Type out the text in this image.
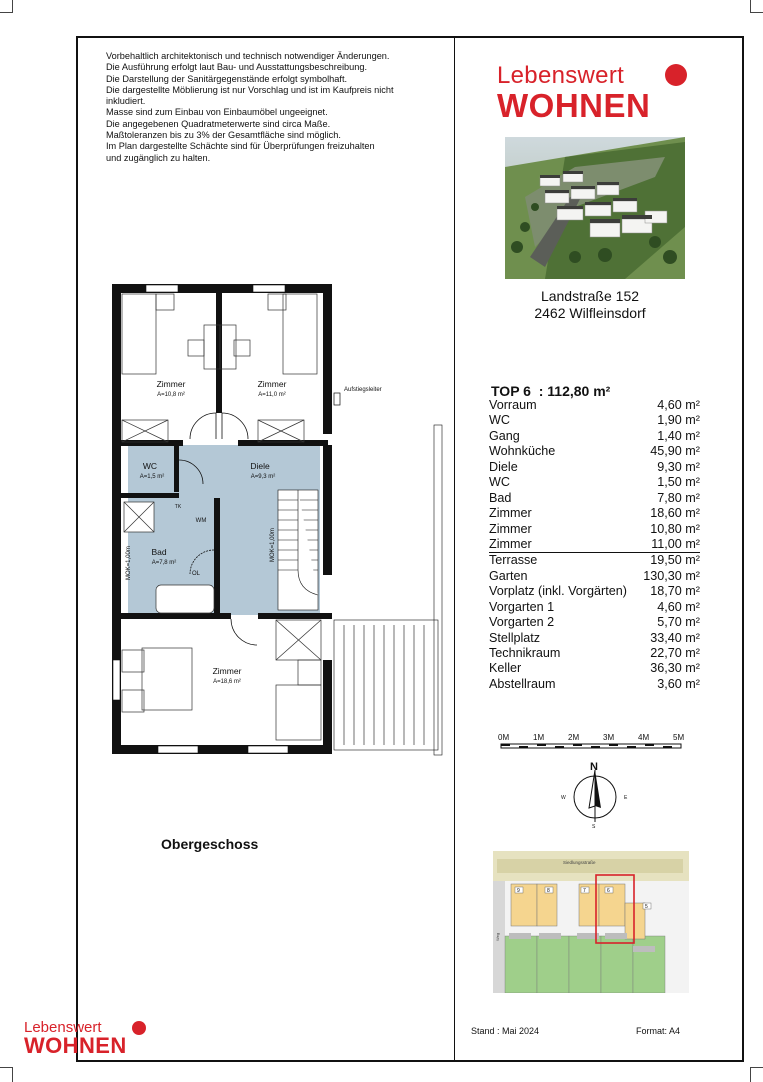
Vorbehaltlich architektonisch und technisch notwendiger Änderungen.
Die Ausführung erfolgt laut Bau- und Ausstattungsbeschreibung.
Die Darstellung der Sanitärgegenstände erfolgt symbolhaft.
Die dargestellte Möblierung ist nur Vorschlag und ist im Kaufpreis nicht
inkludiert.
Masse sind zum Einbau von Einbaumöbel ungeeignet.
Die angegebenen Quadratmeterwerte sind circa Maße.
Maßtoleranzen bis zu 3% der Gesamtfläche sind möglich.
Im Plan dargestellte Schächte sind für Überprüfungen freizuhalten
und zugänglich zu halten.
Lebenswert
WOHNEN
Landstraße 152
2462 Wilfleinsdorf
TOP 6  : 112,80 m²
Vorraum	4,60 m²
WC	1,90 m²
Gang	1,40 m²
Wohnküche	45,90 m²
Diele	9,30 m²
WC	1,50 m²
Bad	7,80 m²
Zimmer	18,60 m²
Zimmer	10,80 m²
Zimmer	11,00 m²
Terrasse	19,50 m²
Garten	130,30 m²
Vorplatz (inkl. Vorgärten) 18,70 m²
Vorgarten 1	4,60 m²
Vorgarten 2	5,70 m²
Stellplatz	33,40 m²
Technikraum	22,70 m²
Keller	36,30 m²
Abstellraum	3,60 m²
0M	1M	2M	3M	4M	5M
N
S
W	E
Siedlungsstraße
Weg
9	8	7	6
5
Stand : Mai 2024	Format: A4
Lebenswert
WOHNEN
Obergeschoss
Zimmer
A=10,8 m²
Zimmer
A=11,0 m²
WC
A=1,5 m²
Diele
A=9,3 m²
Bad
A=7,8 m²
Zimmer
A=18,6 m²
WM
OL
TK
MOK=1,00m
MOK=1,00m
Aufstiegsleiter
